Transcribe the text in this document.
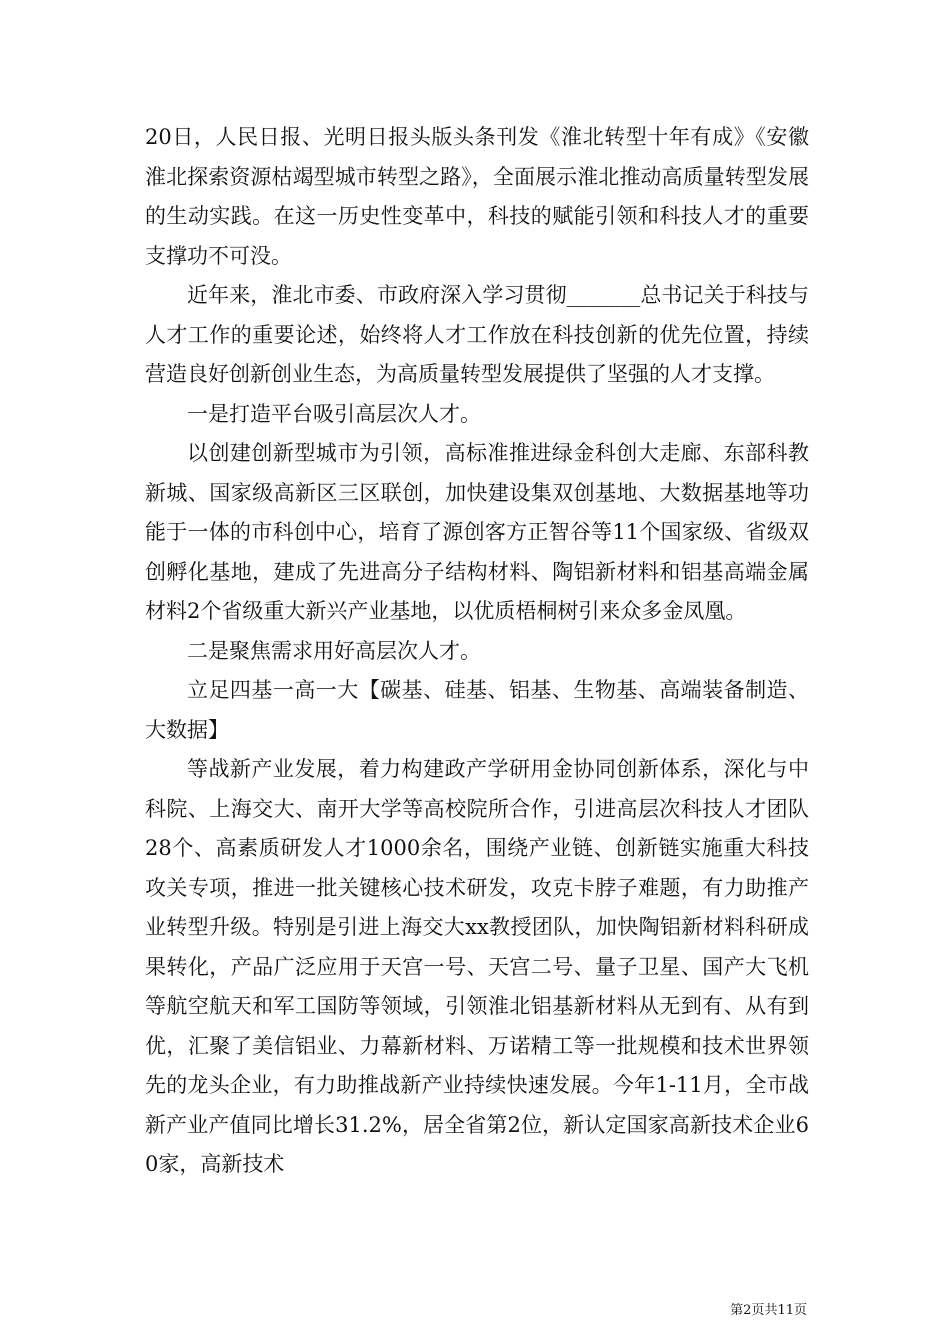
20日，人民日报、光明日报头版头条刊发《淮北转型十年有成》《安徽淮北探索资源枯竭型城市转型之路》，全面展示淮北推动高质量转型发展的生动实践。在这一历史性变革中，科技的赋能引领和科技人才的重要支撑功不可没。

近年来，淮北市委、市政府深入学习贯彻_______总书记关于科技与人才工作的重要论述，始终将人才工作放在科技创新的优先位置，持续营造良好创新创业生态，为高质量转型发展提供了坚强的人才支撑。

一是打造平台吸引高层次人才。

以创建创新型城市为引领，高标准推进绿金科创大走廊、东部科教新城、国家级高新区三区联创，加快建设集双创基地、大数据基地等功能于一体的市科创中心，培育了源创客方正智谷等11个国家级、省级双创孵化基地，建成了先进高分子结构材料、陶铝新材料和铝基高端金属材料2个省级重大新兴产业基地，以优质梧桐树引来众多金凤凰。

二是聚焦需求用好高层次人才。

立足四基一高一大【碳基、硅基、铝基、生物基、高端装备制造、大数据】

等战新产业发展，着力构建政产学研用金协同创新体系，深化与中科院、上海交大、南开大学等高校院所合作，引进高层次科技人才团队28个、高素质研发人才1000余名，围绕产业链、创新链实施重大科技攻关专项，推进一批关键核心技术研发，攻克卡脖子难题，有力助推产业转型升级。特别是引进上海交大xx教授团队，加快陶铝新材料科研成果转化，产品广泛应用于天宫一号、天宫二号、量子卫星、国产大飞机等航空航天和军工国防等领域，引领淮北铝基新材料从无到有、从有到优，汇聚了美信铝业、力幕新材料、万诺精工等一批规模和技术世界领先的龙头企业，有力助推战新产业持续快速发展。今年1-11月，全市战新产业产值同比增长31.2%，居全省第2位，新认定国家高新技术企业60家，高新技术

第2页共11页
